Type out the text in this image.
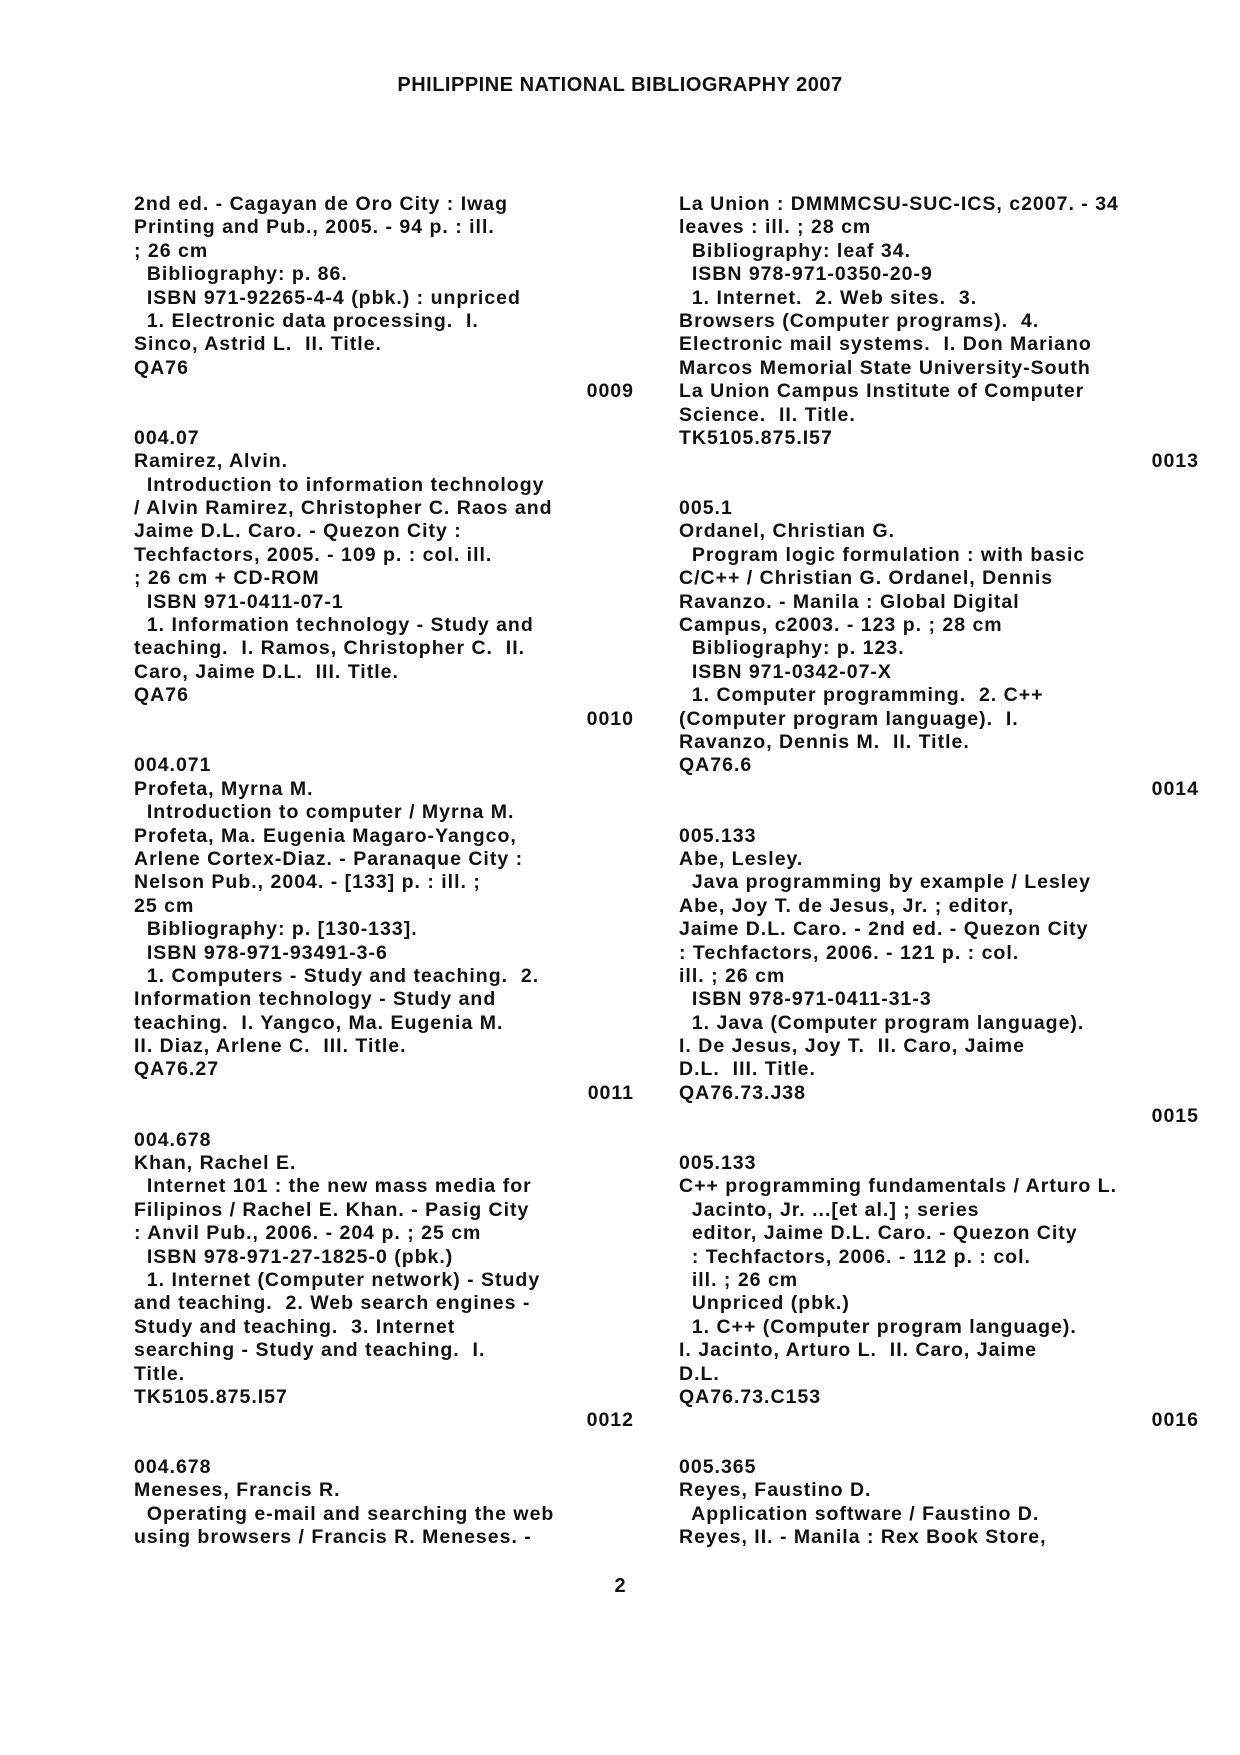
PHILIPPINE NATIONAL BIBLIOGRAPHY 2007
2nd ed. - Cagayan de Oro City : Iwag
Printing and Pub., 2005. - 94 p. : ill.
; 26 cm
Bibliography: p. 86.
ISBN 971-92265-4-4 (pbk.) : unpriced
1. Electronic data processing.  I.
Sinco, Astrid L.  II. Title.
QA76
0009
004.07
Ramirez, Alvin.
Introduction to information technology
/ Alvin Ramirez, Christopher C. Raos and
Jaime D.L. Caro. - Quezon City :
Techfactors, 2005. - 109 p. : col. ill.
; 26 cm + CD-ROM
ISBN 971-0411-07-1
1. Information technology - Study and
teaching.  I. Ramos, Christopher C.  II.
Caro, Jaime D.L.  III. Title.
QA76
0010
004.071
Profeta, Myrna M.
Introduction to computer / Myrna M.
Profeta, Ma. Eugenia Magaro-Yangco,
Arlene Cortex-Diaz. - Paranaque City :
Nelson Pub., 2004. - [133] p. : ill. ;
25 cm
Bibliography: p. [130-133].
ISBN 978-971-93491-3-6
1. Computers - Study and teaching.  2.
Information technology - Study and
teaching.  I. Yangco, Ma. Eugenia M.
II. Diaz, Arlene C.  III. Title.
QA76.27
0011
004.678
Khan, Rachel E.
Internet 101 : the new mass media for
Filipinos / Rachel E. Khan. - Pasig City
: Anvil Pub., 2006. - 204 p. ; 25 cm
ISBN 978-971-27-1825-0 (pbk.)
1. Internet (Computer network) - Study
and teaching.  2. Web search engines -
Study and teaching.  3. Internet
searching - Study and teaching.  I.
Title.
TK5105.875.I57
0012
004.678
Meneses, Francis R.
Operating e-mail and searching the web
using browsers / Francis R. Meneses. -
La Union : DMMMCSU-SUC-ICS, c2007. - 34
leaves : ill. ; 28 cm
Bibliography: leaf 34.
ISBN 978-971-0350-20-9
1. Internet.  2. Web sites.  3.
Browsers (Computer programs).  4.
Electronic mail systems.  I. Don Mariano
Marcos Memorial State University-South
La Union Campus Institute of Computer
Science.  II. Title.
TK5105.875.I57
0013
005.1
Ordanel, Christian G.
Program logic formulation : with basic
C/C++ / Christian G. Ordanel, Dennis
Ravanzo. - Manila : Global Digital
Campus, c2003. - 123 p. ; 28 cm
Bibliography: p. 123.
ISBN 971-0342-07-X
1. Computer programming.  2. C++
(Computer program language).  I.
Ravanzo, Dennis M.  II. Title.
QA76.6
0014
005.133
Abe, Lesley.
Java programming by example / Lesley
Abe, Joy T. de Jesus, Jr. ; editor,
Jaime D.L. Caro. - 2nd ed. - Quezon City
: Techfactors, 2006. - 121 p. : col.
ill. ; 26 cm
ISBN 978-971-0411-31-3
1. Java (Computer program language).
I. De Jesus, Joy T.  II. Caro, Jaime
D.L.  III. Title.
QA76.73.J38
0015
005.133
C++ programming fundamentals / Arturo L.
Jacinto, Jr. ...[et al.] ; series
editor, Jaime D.L. Caro. - Quezon City
: Techfactors, 2006. - 112 p. : col.
ill. ; 26 cm
Unpriced (pbk.)
1. C++ (Computer program language).
I. Jacinto, Arturo L.  II. Caro, Jaime
D.L.
QA76.73.C153
0016
005.365
Reyes, Faustino D.
Application software / Faustino D.
Reyes, II. - Manila : Rex Book Store,
2
